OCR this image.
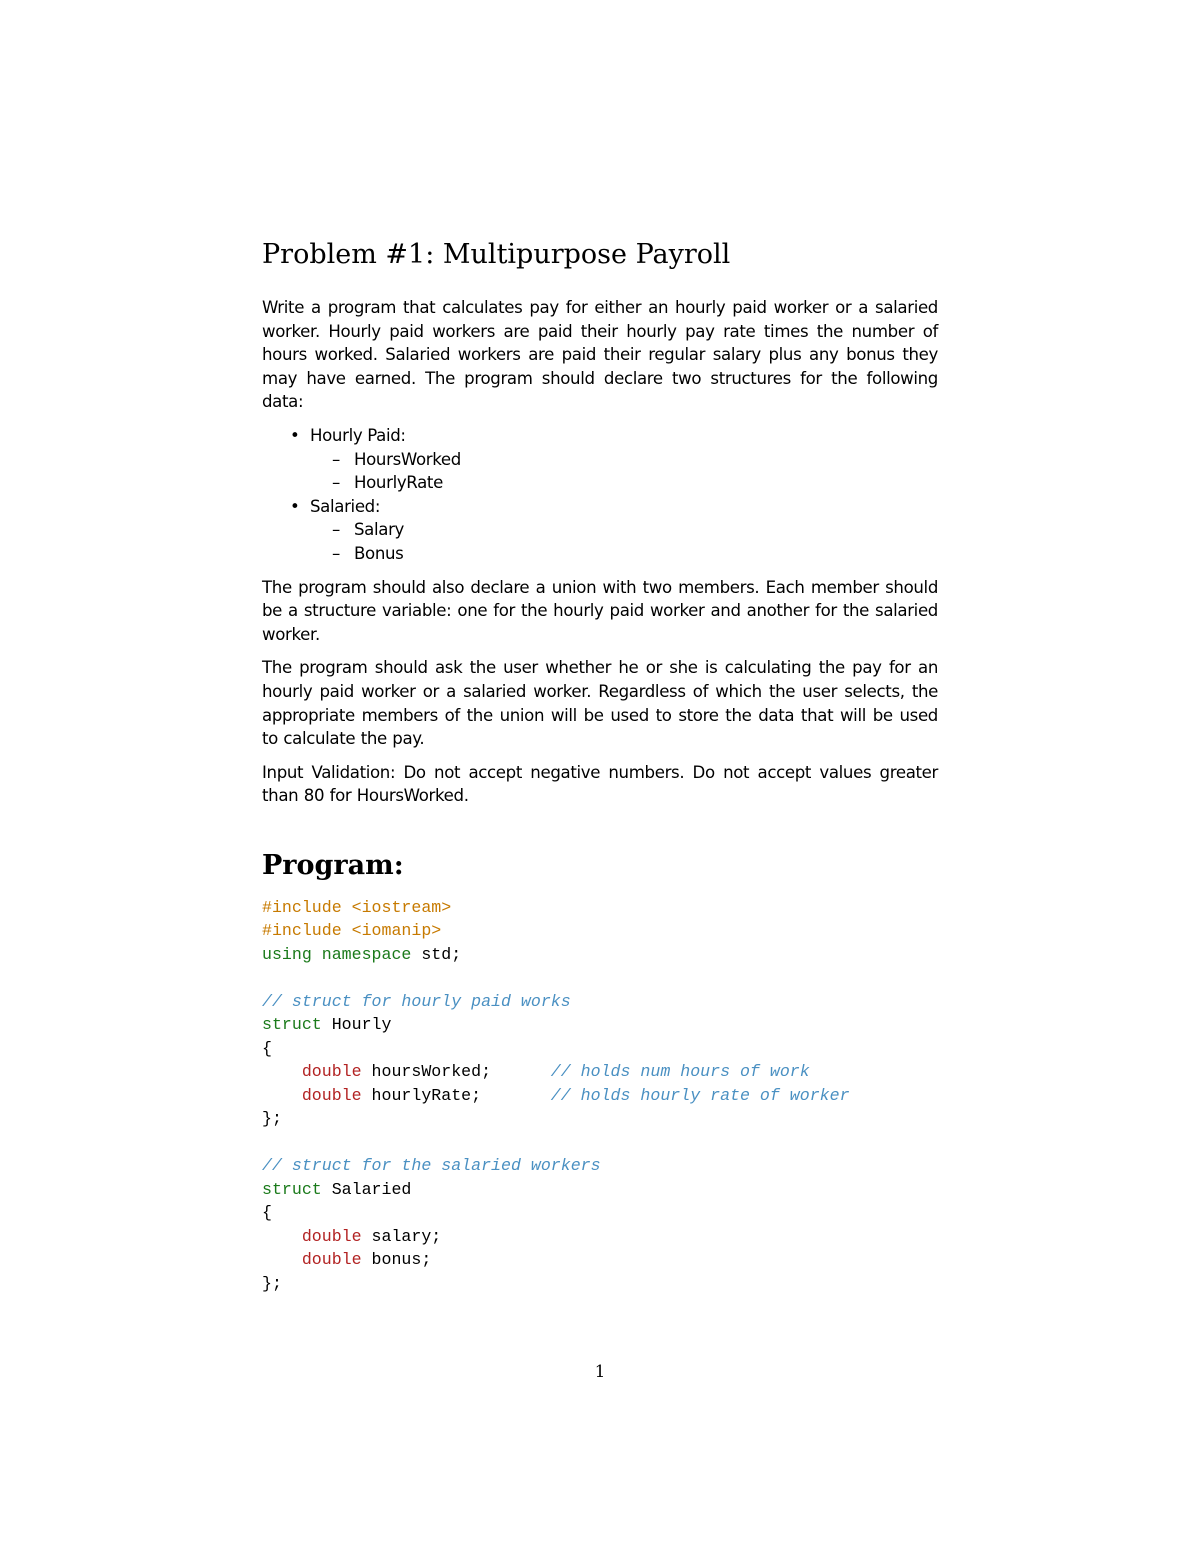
Problem #1: Multipurpose Payroll

Write a program that calculates pay for either an hourly paid worker or a salaried worker. Hourly paid workers are paid their hourly pay rate times the number of hours worked. Salaried workers are paid their regular salary plus any bonus they may have earned. The program should declare two structures for the following data:

• Hourly Paid:
– HoursWorked
– HourlyRate
• Salaried:
– Salary
– Bonus

The program should also declare a union with two members. Each member should be a structure variable: one for the hourly paid worker and another for the salaried worker.

The program should ask the user whether he or she is calculating the pay for an hourly paid worker or a salaried worker. Regardless of which the user selects, the appropriate members of the union will be used to store the data that will be used to calculate the pay.

Input Validation: Do not accept negative numbers. Do not accept values greater than 80 for HoursWorked.

Program:
#include <iostream>
#include <iomanip>
using namespace std;
// struct for hourly paid works
struct Hourly
{
double hoursWorked;      // holds num hours of work
double hourlyRate;       // holds hourly rate of worker
};
// struct for the salaried workers
struct Salaried
{
double salary;
double bonus;
};
1
